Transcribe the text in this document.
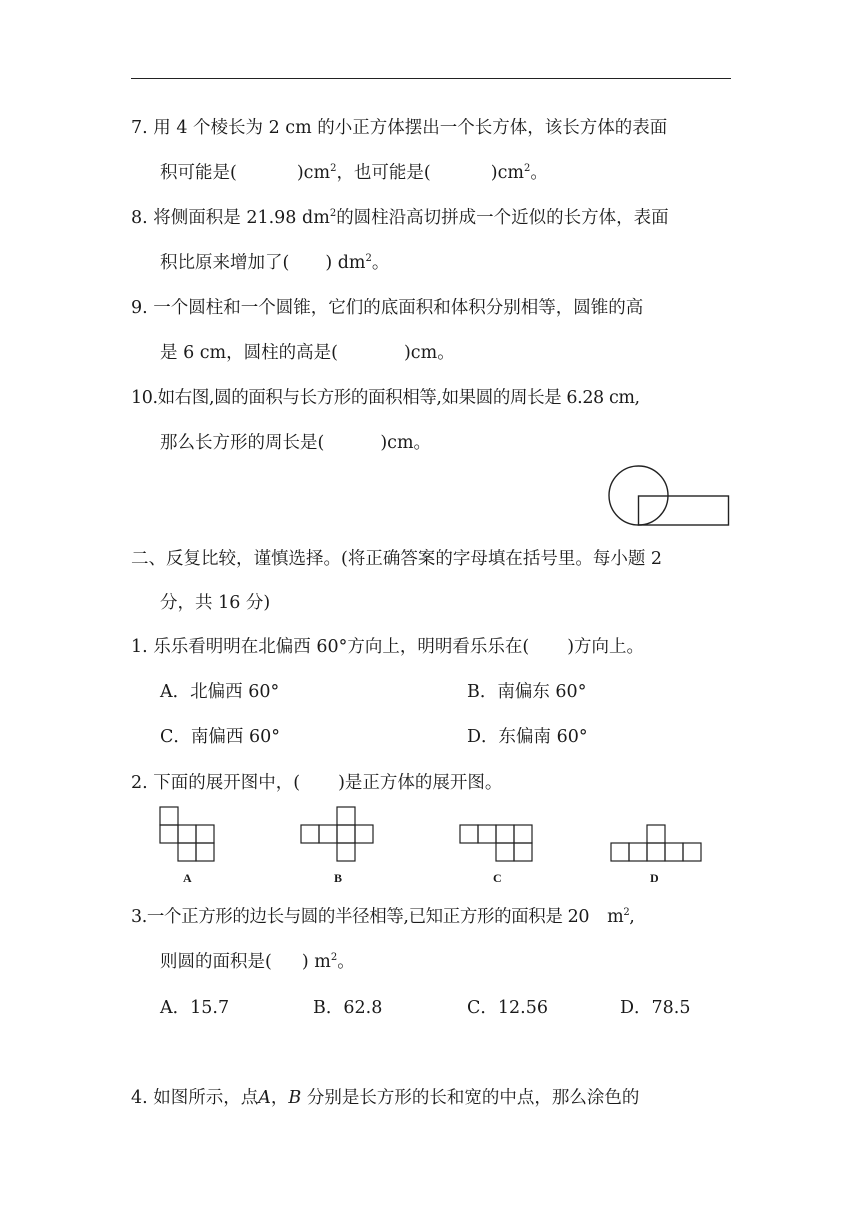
7. 用 4 个棱长为 2 cm 的小正方体摆出一个长方体，该长方体的表面
积可能是(	)$cm^2$，也可能是(	)$cm^2$。
8. 将侧面积是 21.98 $dm^2$的圆柱沿高切拼成一个近似的长方体，表面
积比原来增加了( ) $dm^2$。
9. 一个圆柱和一个圆锥，它们的底面积和体积分别相等，圆锥的高
是 6 cm，圆柱的高是(	)cm。
10.如右图,圆的面积与长方形的面积相等,如果圆的周长是 6.28 cm,
那么长方形的周长是(	)cm。
二、反复比较，谨慎选择。(将正确答案的字母填在括号里。每小题 2
分，共 16 分)
1. 乐乐看明明在北偏西 60°方向上，明明看乐乐在( )方向上。
A．北偏西 60°	B．南偏东 60°
C．南偏西 60°	D．东偏南 60°
2. 下面的展开图中，( )是正方体的展开图。
A	B	C	D
3.一个正方形的边长与圆的半径相等,已知正方形的面积是 20 $m^2$,
则圆的面积是( ) $m^2$。
A．15.7	B．62.8	C．12.56	D．78.5
4. 如图所示，点A，B 分别是长方形的长和宽的中点，那么涂色的
